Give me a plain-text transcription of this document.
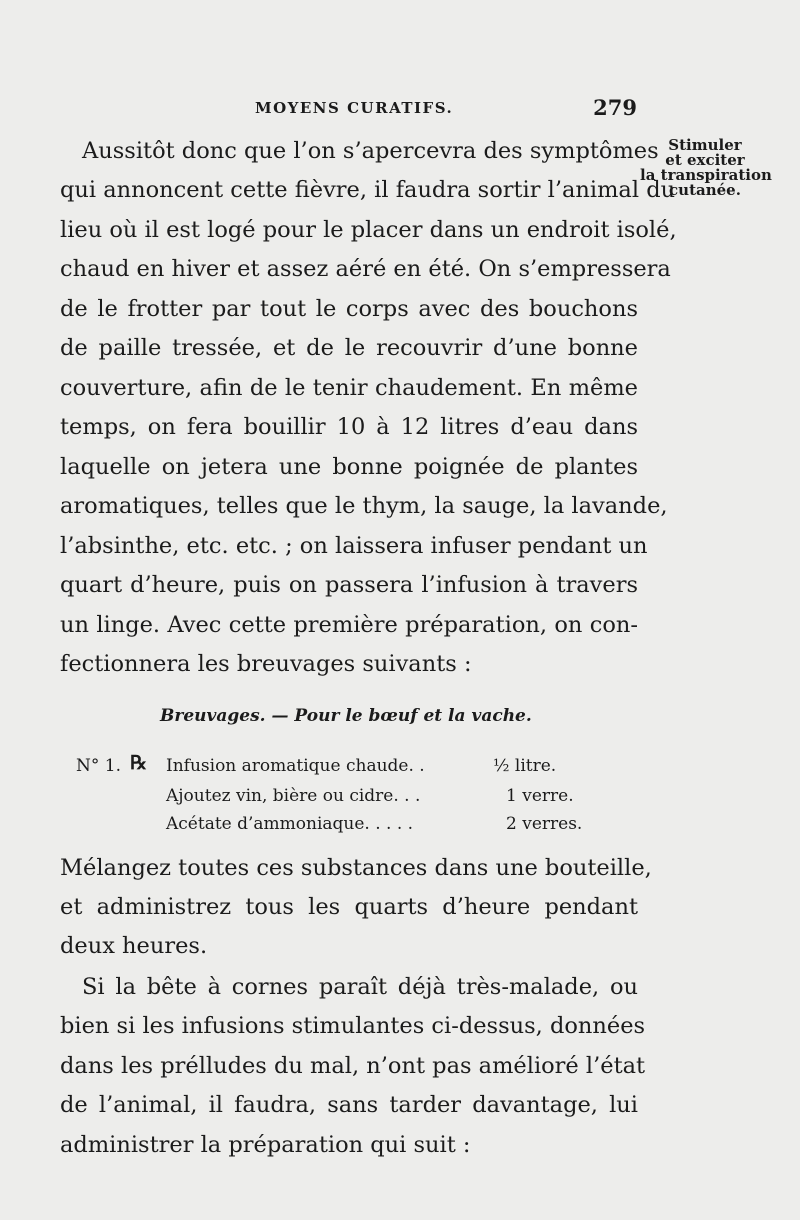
MOYENS CURATIFS.	279
Stimuler
et exciter
la transpiration
cutanée.
Aussitôt donc que l’on s’apercevra des symptômes
qui annoncent cette fièvre, il faudra sortir l’animal du
lieu où il est logé pour le placer dans un endroit isolé,
chaud en hiver et assez aéré en été. On s’empressera
de le frotter par tout le corps avec des bouchons
de paille tressée, et de le recouvrir d’une bonne
couverture, afin de le tenir chaudement. En même
temps, on fera bouillir 10 à 12 litres d’eau dans
laquelle on jetera une bonne poignée de plantes
aromatiques, telles que le thym, la sauge, la lavande,
l’absinthe, etc. etc. ; on laissera infuser pendant un
quart d’heure, puis on passera l’infusion à travers
un linge. Avec cette première préparation, on con-
fectionnera les breuvages suivants :
Breuvages. — Pour le bœuf et la vache.
N° 1. ℞ Infusion aromatique chaude. .	½ litre.
Ajoutez vin, bière ou cidre. . .	1 verre.
Acétate d’ammoniaque. . . . .	2 verres.
Mélangez toutes ces substances dans une bouteille,
et administrez tous les quarts d’heure pendant
deux heures.
Si la bête à cornes paraît déjà très-malade, ou
bien si les infusions stimulantes ci-dessus, données
dans les prélludes du mal, n’ont pas amélioré l’état
de l’animal, il faudra, sans tarder davantage, lui
administrer la préparation qui suit :
